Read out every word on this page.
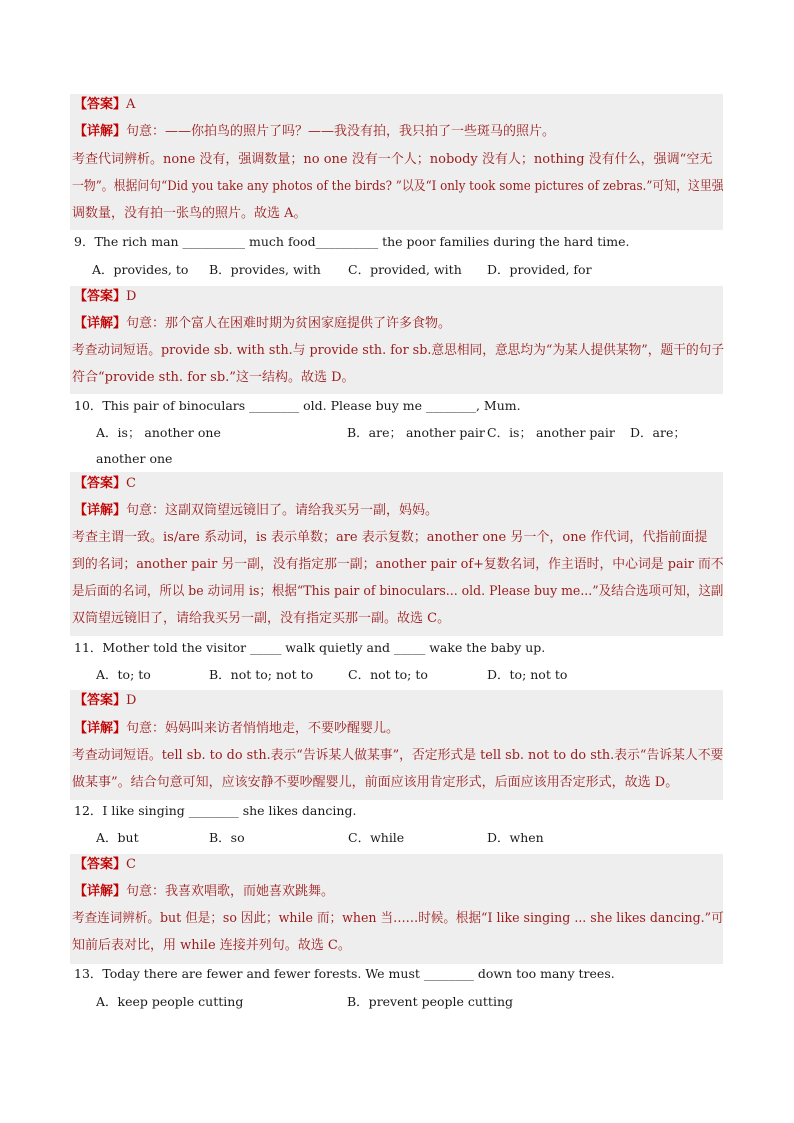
【答案】A
【详解】句意：——你拍鸟的照片了吗？——我没有拍，我只拍了一些斑马的照片。
考查代词辨析。none 没有，强调数量；no one 没有一个人；nobody 没有人；nothing 没有什么，强调“空无
一物”。根据问句“Did you take any photos of the birds? ”以及“I only took some pictures of zebras.”可知，这里强
调数量，没有拍一张鸟的照片。故选 A。
9．The rich man __________ much food__________ the poor families during the hard time.
A．provides, to B．provides, with C．provided, with D．provided, for
【答案】D
【详解】句意：那个富人在困难时期为贫困家庭提供了许多食物。
考查动词短语。provide sb. with sth.与 provide sth. for sb.意思相同，意思均为“为某人提供某物”，题干的句子
符合“provide sth. for sb.”这一结构。故选 D。
10．This pair of binoculars ________ old. Please buy me ________, Mum.
A．is； another one	B．are； another pair C．is； another pair D．are；
another one
【答案】C
【详解】句意：这副双筒望远镜旧了。请给我买另一副，妈妈。
考查主谓一致。is/are 系动词，is 表示单数；are 表示复数；another one 另一个，one 作代词，代指前面提
到的名词；another pair 另一副，没有指定那一副；another pair of+复数名词，作主语时，中心词是 pair 而不
是后面的名词，所以 be 动词用 is；根据“This pair of binoculars... old. Please buy me...”及结合选项可知，这副
双筒望远镜旧了，请给我买另一副，没有指定买那一副。故选 C。
11．Mother told the visitor _____ walk quietly and _____ wake the baby up.
A．to; to	B．not to; not to	C．not to; to	D．to; not to
【答案】D
【详解】句意：妈妈叫来访者悄悄地走，不要吵醒婴儿。
考查动词短语。tell sb. to do sth.表示“告诉某人做某事”，否定形式是 tell sb. not to do sth.表示“告诉某人不要
做某事”。结合句意可知，应该安静不要吵醒婴儿，前面应该用肯定形式，后面应该用否定形式，故选 D。
12．I like singing ________ she likes dancing.
A．but	B．so	C．while	D．when
【答案】C
【详解】句意：我喜欢唱歌，而她喜欢跳舞。
考查连词辨析。but 但是；so 因此；while 而；when 当……时候。根据“I like singing ... she likes dancing.”可
知前后表对比，用 while 连接并列句。故选 C。
13．Today there are fewer and fewer forests. We must ________ down too many trees.
A．keep people cutting	B．prevent people cutting
